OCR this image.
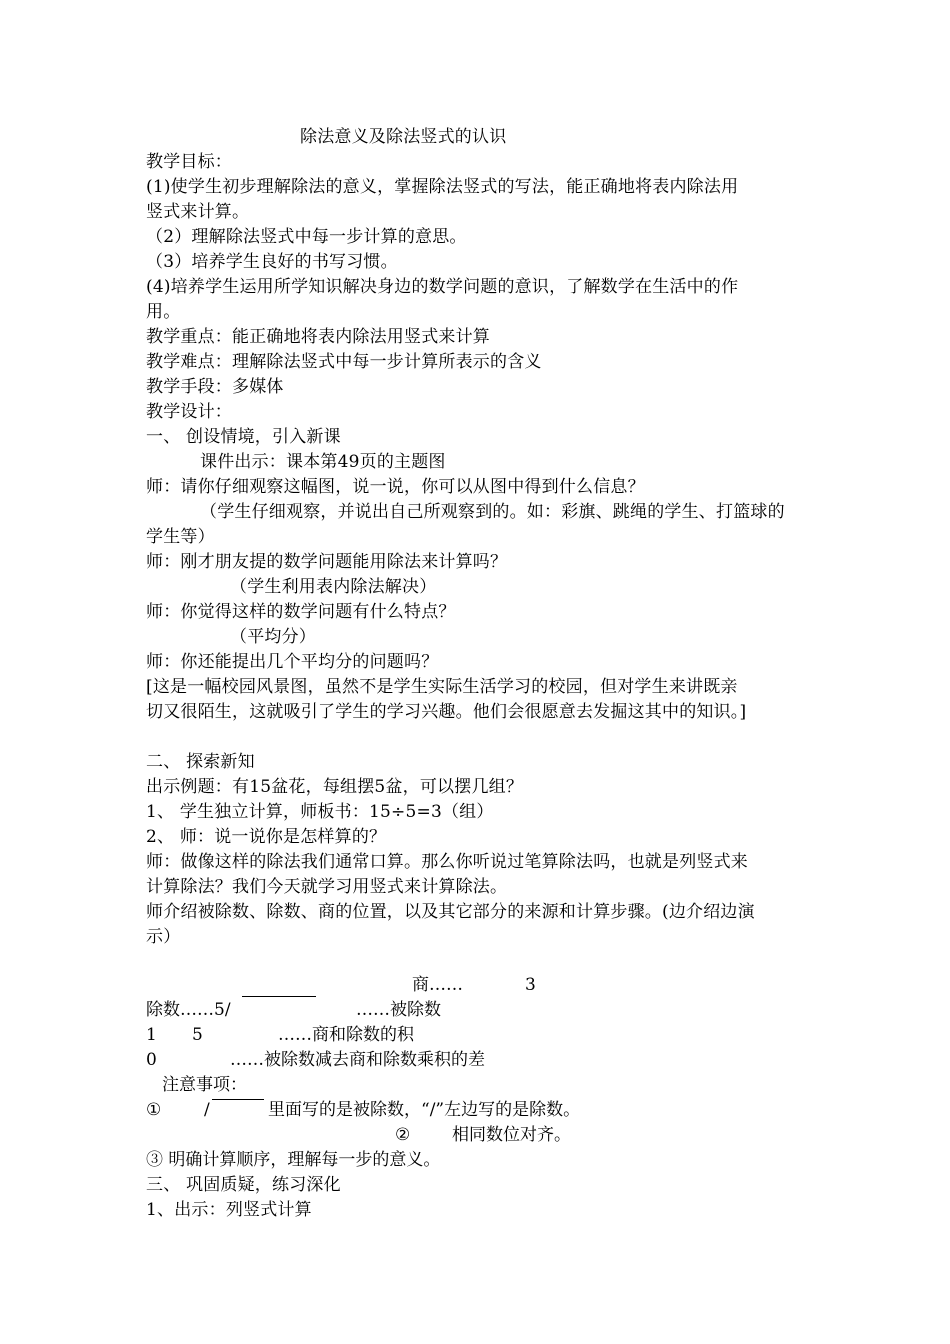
除法意义及除法竖式的认识
教学目标：
(1)使学生初步理解除法的意义，掌握除法竖式的写法，能正确地将表内除法用
竖式来计算。
（2）理解除法竖式中每一步计算的意思。
（3）培养学生良好的书写习惯。
(4)培养学生运用所学知识解决身边的数学问题的意识，了解数学在生活中的作
用。
教学重点：能正确地将表内除法用竖式来计算
教学难点：理解除法竖式中每一步计算所表示的含义
教学手段：多媒体
教学设计：
一、 创设情境，引入新课
课件出示：课本第49页的主题图
师：请你仔细观察这幅图，说一说，你可以从图中得到什么信息？
（学生仔细观察，并说出自己所观察到的。如：彩旗、跳绳的学生、打篮球的
学生等）
师：刚才朋友提的数学问题能用除法来计算吗？
（学生利用表内除法解决）
师：你觉得这样的数学问题有什么特点？
（平均分）
师：你还能提出几个平均分的问题吗？
[这是一幅校园风景图，虽然不是学生实际生活学习的校园，但对学生来讲既亲
切又很陌生，这就吸引了学生的学习兴趣。他们会很愿意去发掘这其中的知识。]
二、 探索新知
出示例题：有15盆花，每组摆5盆，可以摆几组？
1、 学生独立计算，师板书：15÷5=3（组）
2、 师：说一说你是怎样算的？
师：做像这样的除法我们通常口算。那么你听说过笔算除法吗，也就是列竖式来
计算除法？我们今天就学习用竖式来计算除法。
师介绍被除数、除数、商的位置，以及其它部分的来源和计算步骤。(边介绍边演
示）
商……	3
除数……5/	……被除数
1 5	……商和除数的积
0	……被除数减去商和除数乘积的差
注意事项：
①	/	里面写的是被除数，“/”左边写的是除数。
② 相同数位对齐。
③ 明确计算顺序，理解每一步的意义。
三、 巩固质疑，练习深化
1、出示：列竖式计算
